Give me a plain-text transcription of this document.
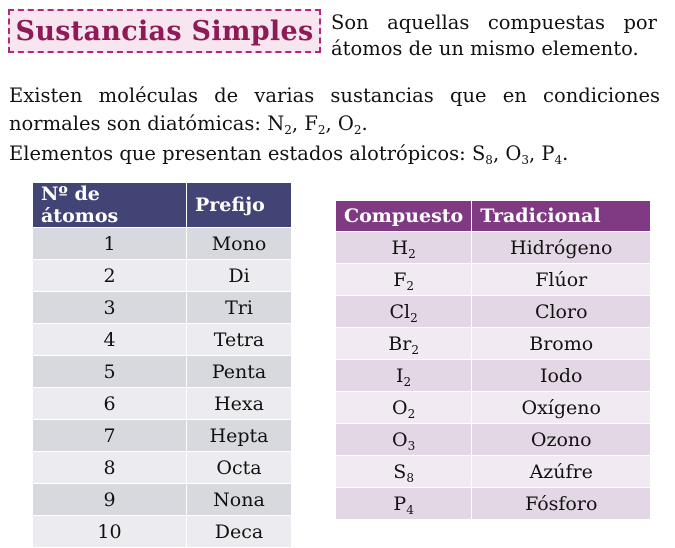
Sustancias Simples Son aquellas compuestas por átomos de un mismo elemento.
Existen moléculas de varias sustancias que en condiciones normales son diatómicas: $N_2$, $F_2$, $O_2$.
Elementos que presentan estados alotrópicos: $S_8$, $O_3$, $P_4$.
Nº de átomos	Prefijo
1	Mono
2	Di
3	Tri
4	Tetra
5	Penta
6	Hexa
7	Hepta
8	Octa
9	Nona
10	Deca
Compuesto	Tradicional
$H_2$	Hidrógeno
$F_2$	Flúor
$Cl_2$	Cloro
$Br_2$	Bromo
$I_2$	Iodo
$O_2$	Oxígeno
$O_3$	Ozono
$S_8$	Azúfre
$P_4$	Fósforo
